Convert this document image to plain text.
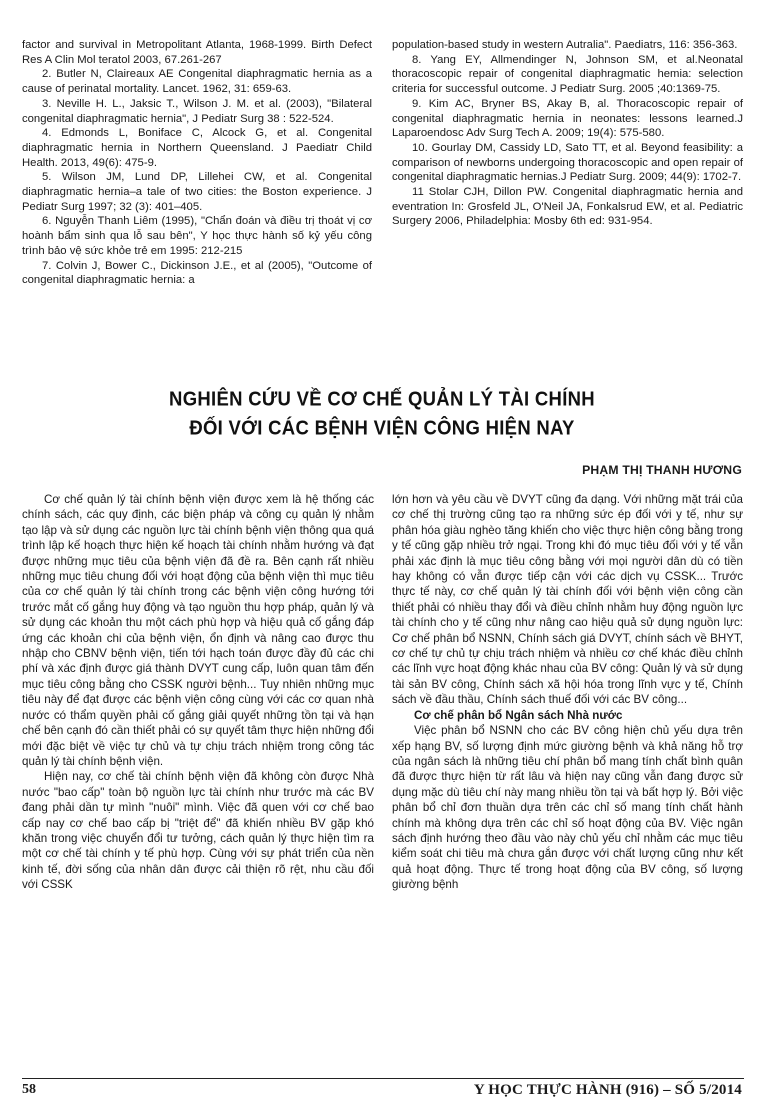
factor and survival in Metropolitant Atlanta, 1968-1999. Birth Defect Res A Clin Mol teratol 2003, 67.261-267

2. Butler N, Claireaux AE Congenital diaphragmatic hernia as a cause of perinatal mortality. Lancet. 1962, 31: 659-63.

3. Neville H. L., Jaksic T., Wilson J. M. et al. (2003), "Bilateral congenital diaphragmatic hernia", J Pediatr Surg 38 : 522-524.

4. Edmonds L, Boniface C, Alcock G, et al. Congenital diaphragmatic hernia in Northern Queensland. J Paediatr Child Health. 2013, 49(6): 475-9.

5. Wilson JM, Lund DP, Lillehei CW, et al. Congenital diaphragmatic hernia–a tale of two cities: the Boston experience. J Pediatr Surg 1997; 32 (3): 401–405.

6. Nguyễn Thanh Liêm (1995), "Chẩn đoán và điều trị thoát vị cơ hoành bẩm sinh qua lỗ sau bên", Y học thực hành số kỷ yếu công trình bảo vệ sức khỏe trẻ em 1995: 212-215

7. Colvin J, Bower C., Dickinson J.E., et al (2005), "Outcome of congenital diaphragmatic hernia: a

population-based study in western Autralia". Paediatrs, 116: 356-363.

8. Yang EY, Allmendinger N, Johnson SM, et al.Neonatal thoracoscopic repair of congenital diaphragmatic hemia: selection criteria for successful outcome. J Pediatr Surg. 2005 ;40:1369-75.

9. Kim AC, Bryner BS, Akay B, al. Thoracoscopic repair of congenital diaphragmatic hernia in neonates: lessons learned.J Laparoendosc Adv Surg Tech A. 2009; 19(4): 575-580.

10. Gourlay DM, Cassidy LD, Sato TT, et al. Beyond feasibility: a comparison of newborns undergoing thoracoscopic and open repair of congenital diaphragmatic hernias.J Pediatr Surg. 2009; 44(9): 1702-7.

11 Stolar CJH, Dillon PW. Congenital diaphragmatic hernia and eventration In: Grosfeld JL, O'Neil JA, Fonkalsrud EW, et al. Pediatric Surgery 2006, Philadelphia: Mosby 6th ed: 931-954.

NGHIÊN CỨU VỀ CƠ CHẾ QUẢN LÝ TÀI CHÍNH
ĐỐI VỚI CÁC BỆNH VIỆN CÔNG HIỆN NAY
PHẠM THỊ THANH HƯƠNG

Cơ chế quản lý tài chính bệnh viện được xem là hệ thống các chính sách, các quy định, các biện pháp và công cụ quản lý nhằm tạo lập và sử dụng các nguồn lực tài chính bệnh viện thông qua quá trình lập kế hoạch thực hiện kế hoạch tài chính nhằm hướng và đạt được những mục tiêu của bệnh viện đã đề ra. Bên cạnh rất nhiều những mục tiêu chung đối với hoạt động của bệnh viện thì mục tiêu của cơ chế quản lý tài chính trong các bệnh viện công hướng tới trước mắt cố gắng huy động và tạo nguồn thu hợp pháp, quản lý và sử dụng các khoản thu một cách phù hợp và hiệu quả cố gắng đáp ứng các khoản chi của bệnh viện, ổn định và nâng cao được thu nhập cho CBNV bệnh viện, tiến tới hạch toán được đầy đủ các chi phí và xác định được giá thành DVYT cung cấp, luôn quan tâm đến mục tiêu công bằng cho CSSK người bệnh... Tuy nhiên những mục tiêu này để đạt được các bệnh viện công cùng với các cơ quan nhà nước có thẩm quyền phải cố gắng giải quyết những tồn tại và hạn chế bên cạnh đó cần thiết phải có sự quyết tâm thực hiện những đổi mới đặc biệt về việc tự chủ và tự chịu trách nhiệm trong công tác quản lý tài chính bệnh viện.

Hiện nay, cơ chế tài chính bệnh viện đã không còn được Nhà nước "bao cấp" toàn bộ nguồn lực tài chính như trước mà các BV đang phải dần tự mình "nuôi" mình. Việc đã quen với cơ chế bao cấp nay cơ chế bao cấp bị "triệt để" đã khiến nhiều BV gặp khó khăn trong việc chuyển đổi tư tưởng, cách quản lý thực hiện tìm ra một cơ chế tài chính y tế phù hợp. Cùng với sự phát triển của nền kinh tế, đời sống của nhân dân được cải thiện rõ rệt, nhu cầu đối với CSSK

lớn hơn và yêu cầu về DVYT cũng đa dạng. Với những mặt trái của cơ chế thị trường cũng tạo ra những sức ép đối với y tế, như sự phân hóa giàu nghèo tăng khiến cho việc thực hiện công bằng trong y tế cũng gặp nhiều trở ngại. Trong khi đó mục tiêu đối với y tế vẫn phải xác định là mục tiêu công bằng với mọi người dân dù có tiền hay không có vẫn được tiếp cận với các dịch vụ CSSK... Trước thực tế này, cơ chế quản lý tài chính đối với bệnh viện công cần thiết phải có nhiều thay đổi và điều chỉnh nhằm huy động nguồn lực tài chính cho y tế cũng như nâng cao hiệu quả sử dụng nguồn lực: Cơ chế phân bổ NSNN, Chính sách giá DVYT, chính sách về BHYT, cơ chế tự chủ tự chịu trách nhiệm và nhiều cơ chế khác điều chỉnh các lĩnh vực hoạt động khác nhau của BV công: Quản lý và sử dụng tài sản BV công, Chính sách xã hội hóa trong lĩnh vực y tế, Chính sách về đầu thầu, Chính sách thuế đối với các BV công...

Cơ chế phân bổ Ngân sách Nhà nước

Việc phân bổ NSNN cho các BV công hiện chủ yếu dựa trên xếp hạng BV, số lượng định mức giường bệnh và khả năng hỗ trợ của ngân sách là những tiêu chí phân bổ mang tính chất bình quân đã được thực hiện từ rất lâu và hiện nay cũng vẫn đang được sử dụng mặc dù tiêu chí này mang nhiều tồn tại và bất hợp lý. Bởi việc phân bổ chỉ đơn thuần dựa trên các chỉ số mang tính chất hành chính mà không dựa trên các chỉ số hoạt động của BV. Việc ngân sách định hướng theo đầu vào này chủ yếu chỉ nhằm các mục tiêu kiểm soát chi tiêu mà chưa gắn được với chất lượng cũng như kết quả hoạt động. Thực tế trong hoạt động của BV công, số lượng giường bệnh

58	Y HỌC THỰC HÀNH (916) – SỐ 5/2014
